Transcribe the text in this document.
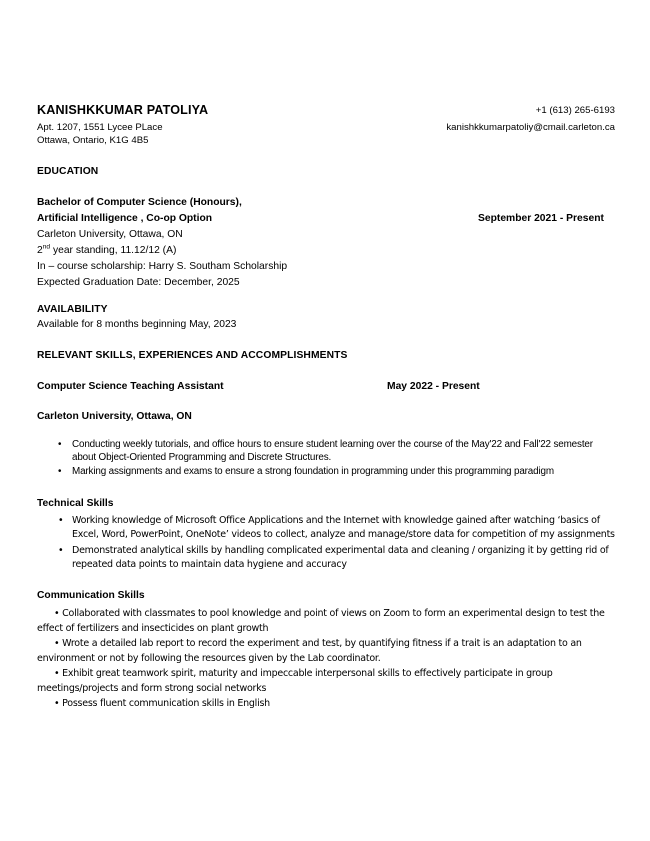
KANISHKKUMAR PATOLIYA
Apt. 1207, 1551 Lycee PLace
Ottawa, Ontario, K1G 4B5
+1 (613) 265-6193
kanishkkumarpatoliy@cmail.carleton.ca
EDUCATION
Bachelor of Computer Science (Honours),
Artificial Intelligence , Co-op Option	September 2021 - Present
Carleton University, Ottawa, ON
2nd year standing, 11.12/12 (A)
In – course scholarship: Harry S. Southam Scholarship
Expected Graduation Date: December, 2025
AVAILABILITY
Available for 8 months beginning May, 2023
RELEVANT SKILLS, EXPERIENCES AND ACCOMPLISHMENTS
Computer Science Teaching Assistant	May 2022 - Present
Carleton University, Ottawa, ON
• Conducting weekly tutorials, and office hours to ensure student learning over the course of the May'22 and Fall'22 semester about Object-Oriented Programming and Discrete Structures.
• Marking assignments and exams to ensure a strong foundation in programming under this programming paradigm
Technical Skills
• Working knowledge of Microsoft Office Applications and the Internet with knowledge gained after watching ‘basics of Excel, Word, PowerPoint, OneNote’ videos to collect, analyze and manage/store data for competition of my assignments
• Demonstrated analytical skills by handling complicated experimental data and cleaning / organizing it by getting rid of repeated data points to maintain data hygiene and accuracy
Communication Skills
• Collaborated with classmates to pool knowledge and point of views on Zoom to form an experimental design to test the effect of fertilizers and insecticides on plant growth
• Wrote a detailed lab report to record the experiment and test, by quantifying fitness if a trait is an adaptation to an environment or not by following the resources given by the Lab coordinator.
• Exhibit great teamwork spirit, maturity and impeccable interpersonal skills to effectively participate in group meetings/projects and form strong social networks
• Possess fluent communication skills in English
